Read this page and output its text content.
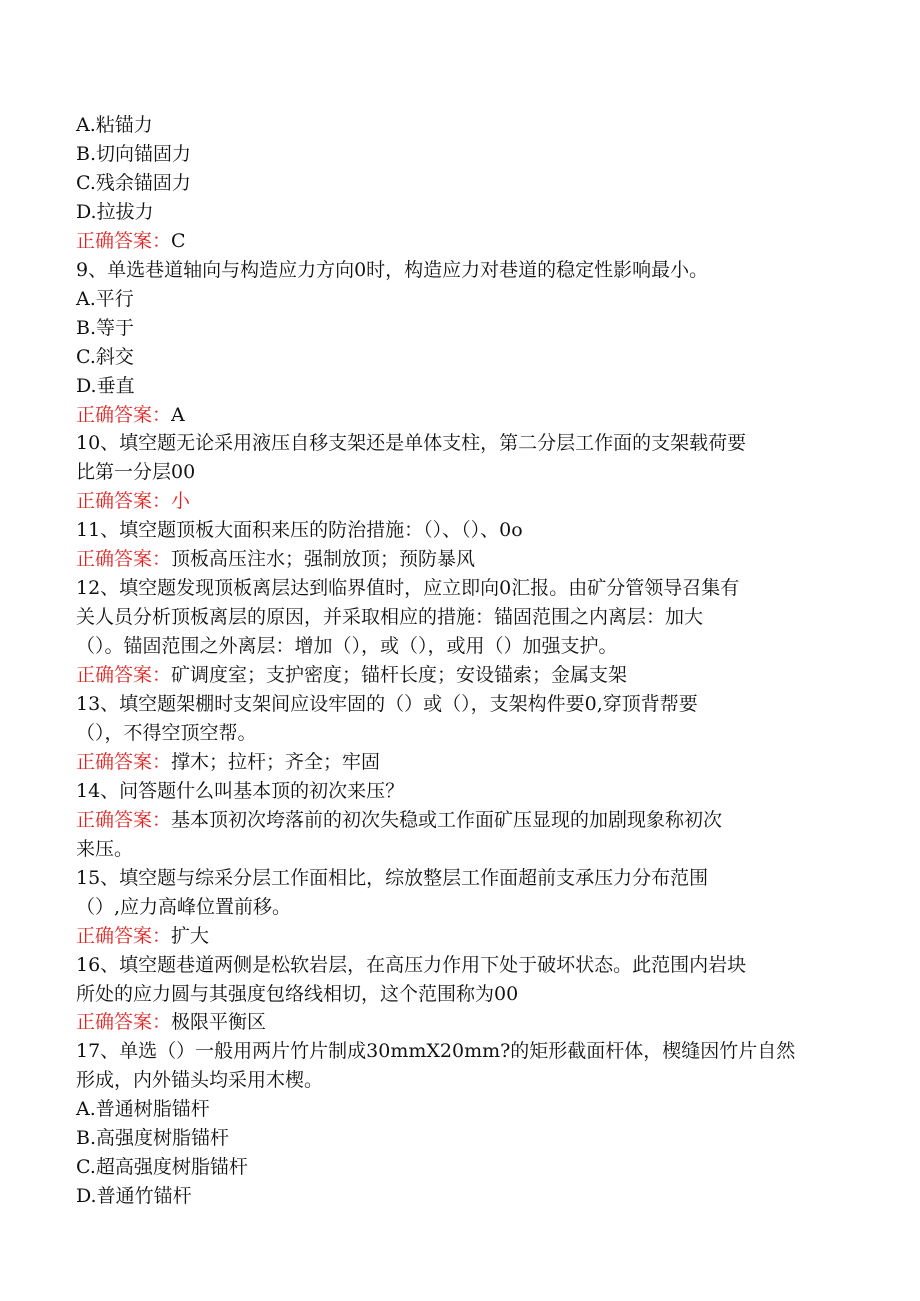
A.粘锚力
B.切向锚固力
C.残余锚固力
D.拉拔力
正确答案：C
9、单选巷道轴向与构造应力方向0时，构造应力对巷道的稳定性影响最小。
A.平行
B.等于
C.斜交
D.垂直
正确答案：A
10、填空题无论采用液压自移支架还是单体支柱，第二分层工作面的支架载荷要
比第一分层00
正确答案：小
11、填空题顶板大面积来压的防治措施：（）、（）、0o
正确答案：顶板高压注水；强制放顶；预防暴风
12、填空题发现顶板离层达到临界值时，应立即向0汇报。由矿分管领导召集有
关人员分析顶板离层的原因，并采取相应的措施：锚固范围之内离层：加大
（）。锚固范围之外离层：增加（），或（），或用（）加强支护。
正确答案：矿调度室；支护密度；锚杆长度；安设锚索；金属支架
13、填空题架棚时支架间应设牢固的（）或（），支架构件要0,穿顶背帮要
（），不得空顶空帮。
正确答案：撑木；拉杆；齐全；牢固
14、问答题什么叫基本顶的初次来压？
正确答案：基本顶初次垮落前的初次失稳或工作面矿压显现的加剧现象称初次
来压。
15、填空题与综采分层工作面相比，综放整层工作面超前支承压力分布范围
（）,应力高峰位置前移。
正确答案：扩大
16、填空题巷道两侧是松软岩层，在高压力作用下处于破坏状态。此范围内岩块
所处的应力圆与其强度包络线相切，这个范围称为00
正确答案：极限平衡区
17、单选（）一般用两片竹片制成30mmX20mm?的矩形截面杆体，楔缝因竹片自然
形成，内外锚头均采用木楔。
A.普通树脂锚杆
B.高强度树脂锚杆
C.超高强度树脂锚杆
D.普通竹锚杆
